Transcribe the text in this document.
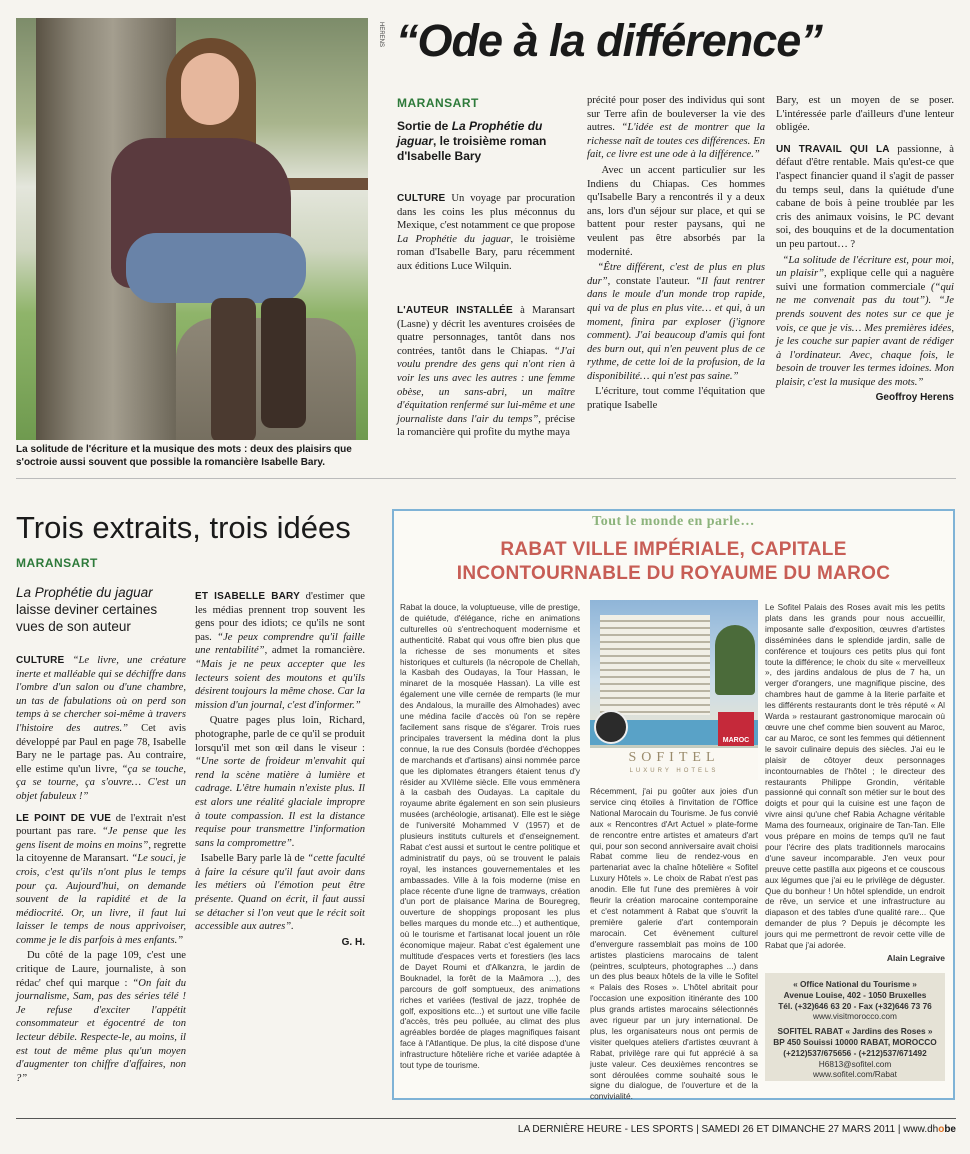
HERENS
La solitude de l'écriture et la musique des mots : deux des plaisirs que s'octroie aussi souvent que possible la romancière Isabelle Bary.
“Ode à la différence”
MARANSART
Sortie de La Prophétie du jaguar, le troisième roman d'Isabelle Bary

CULTURE Un voyage par procuration dans les coins les plus méconnus du Mexique, c'est notamment ce que propose La Prophétie du jaguar, le troisième roman d'Isabelle Bary, paru récemment aux éditions Luce Wilquin.

L'AUTEUR INSTALLÉE à Maransart (Lasne) y décrit les aventures croisées de quatre personnages, tantôt dans nos contrées, tantôt dans le Chiapas. “J'ai voulu prendre des gens qui n'ont rien à voir les uns avec les autres : une femme obèse, un sans-abri, un maître d'équitation renfermé sur lui-même et une journaliste dans l'air du temps”, précise la romancière qui profite du mythe maya

précité pour poser des individus qui sont sur Terre afin de bouleverser la vie des autres. “L'idée est de montrer que la richesse naît de toutes ces différences. En fait, ce livre est une ode à la différence.”

Avec un accent particulier sur les Indiens du Chiapas. Ces hommes qu'Isabelle Bary a rencontrés il y a deux ans, lors d'un séjour sur place, et qui se battent pour rester paysans, qui ne veulent pas être absorbés par la modernité.

“Être différent, c'est de plus en plus dur”, constate l'auteur. “Il faut rentrer dans le moule d'un monde trop rapide, qui va de plus en plus vite… et qui, à un moment, finira par exploser (j'ignore comment). J'ai beaucoup d'amis qui font des burn out, qui n'en peuvent plus de ce rythme, de cette loi de la profusion, de la disponibilité… qui n'est pas saine.”

L'écriture, tout comme l'équitation que pratique Isabelle

Bary, est un moyen de se poser. L'intéressée parle d'ailleurs d'une lenteur obligée.

UN TRAVAIL QUI LA passionne, à défaut d'être rentable. Mais qu'est-ce que l'aspect financier quand il s'agit de passer du temps seul, dans la quiétude d'une cabane de bois à peine troublée par les cris des animaux voisins, le PC devant soi, des bouquins et de la documentation un peu partout… ?

“La solitude de l'écriture est, pour moi, un plaisir”, explique celle qui a naguère suivi une formation commerciale (“qui ne me convenait pas du tout”). “Je prends souvent des notes sur ce que je vois, ce que je vis… Mes premières idées, je les couche sur papier avant de rédiger à l'ordinateur. Avec, chaque fois, le besoin de trouver les termes idoines. Mon plaisir, c'est la musique des mots.”

Geoffroy Herens

Trois extraits, trois idées
MARANSART
La Prophétie du jaguar laisse deviner certaines vues de son auteur

CULTURE “Le livre, une créature inerte et malléable qui se déchiffre dans l'ombre d'un salon ou d'une chambre, un tas de fabulations où on perd son temps à se chercher soi-même à travers l'histoire des autres.” Cet avis développé par Paul en page 78, Isabelle Bary ne le partage pas. Au contraire, elle estime qu'un livre, “ça se touche, ça se tourne, ça s'ouvre… C'est un objet fabuleux !”

LE POINT DE VUE de l'extrait n'est pourtant pas rare. “Je pense que les gens lisent de moins en moins”, regrette la citoyenne de Maransart. “Le souci, je crois, c'est qu'ils n'ont plus le temps pour ça. Aujourd'hui, on demande souvent de la rapidité et de la médiocrité. Or, un livre, il faut lui laisser le temps de nous apprivoiser, comme je le dis parfois à mes enfants.”

Du côté de la page 109, c'est une critique de Laure, journaliste, à son rédac' chef qui marque : “On fait du journalisme, Sam, pas des séries télé ! Je refuse d'exciter l'appétit consommateur et égocentré de ton lecteur débile. Respecte-le, au moins, il est tout de même plus qu'un moyen d'augmenter ton chiffre d'affaires, non ?”

ET ISABELLE BARY d'estimer que les médias prennent trop souvent les gens pour des idiots; ce qu'ils ne sont pas. “Je peux comprendre qu'il faille une rentabilité”, admet la romancière. “Mais je ne peux accepter que les lecteurs soient des moutons et qu'ils désirent toujours la même chose. Car la mission d'un journal, c'est d'informer.”

Quatre pages plus loin, Richard, photographe, parle de ce qu'il se produit lorsqu'il met son œil dans le viseur : “Une sorte de froideur m'envahit qui rend la scène matière à lumière et cadrage. L'être humain n'existe plus. Il est alors une réalité glaciale impropre à toute compassion. Il est la distance requise pour transmettre l'information sans la compromettre”.

Isabelle Bary parle là de “cette faculté à faire la césure qu'il faut avoir dans les métiers où l'émotion peut être présente. Quand on écrit, il faut aussi se détacher si l'on veut que le récit soit accessible aux autres”.

G. H.

Tout le monde en parle…
RABAT VILLE IMPÉRIALE, CAPITALE
INCONTOURNABLE DU ROYAUME DU MAROC
Rabat la douce, la voluptueuse, ville de prestige, de quiétude, d'élégance, riche en animations culturelles où s'entrechoquent modernisme et authenticité. Rabat qui vous offre bien plus que la richesse de ses monuments et sites historiques et culturels (la nécropole de Chellah, la Kasbah des Oudayas, la Tour Hassan, le minaret de la mosquée Hassan). La ville est également une ville cernée de remparts (le mur des Andalous, la muraille des Almohades) avec une médina facile d'accès où l'on se repère facilement sans risque de s'égarer. Trois rues principales traversent la médina dont la plus connue, la rue des Consuls (bordée d'échoppes de marchands et d'artisans) ainsi nommée parce que les diplomates étrangers étaient tenus d'y résider au XVIIème siècle. Elle vous emmènera à la casbah des Oudayas. La capitale du royaume abrite également en son sein plusieurs musées (archéologie, artisanat). Elle est le siège de l'université Mohammed V (1957) et de plusieurs instituts culturels et d'enseignement. Rabat c'est aussi et surtout le centre politique et administratif du pays, où se trouvent le palais royal, les instances gouvernementales et les ambassades. Ville à la fois moderne (mise en place récente d'une ligne de tramways, création d'un port de plaisance Marina de Bouregreg, ouverture de shoppings proposant les plus belles marques du monde etc...) et authentique, où le tourisme et l'artisanat local jouent un rôle économique majeur. Rabat c'est également une multitude d'espaces verts et forestiers (les lacs de Dayet Roumi et d'Alkanzra, le jardin de Bouknadel, la forêt de la Maâmora ...), des parcours de golf somptueux, des animations riches et variées (festival de jazz, trophée de golf, expositions etc...) et surtout une ville facile d'accès, très peu polluée, au climat des plus agréables bordée de plages magnifiques faisant face à l'Atlantique. De plus, la cité dispose d'une infrastructure hôtelière riche et variée adaptée à tout type de tourisme.
MAROC
SOFITEL
LUXURY HOTELS
Récemment, j'ai pu goûter aux joies d'un service cinq étoiles à l'invitation de l'Office National Marocain du Tourisme. Je fus convié aux « Rencontres d'Art Actuel » plate-forme de rencontre entre artistes et amateurs d'art qui, pour son second anniversaire avait choisi Rabat comme lieu de rendez-vous en partenariat avec la chaîne hôtelière « Sofitel Luxury Hôtels ». Le choix de Rabat n'est pas anodin. Elle fut l'une des premières à voir fleurir la création marocaine contemporaine et c'est notamment à Rabat que s'ouvrit la première galerie d'art contemporain marocain. Cet évènement culturel d'envergure rassemblait pas moins de 100 artistes plasticiens marocains de talent (peintres, sculpteurs, photographes ...) dans un des plus beaux hôtels de la ville le Sofitel « Palais des Roses ». L'hôtel abritait pour l'occasion une exposition itinérante des 100 plus grands artistes marocains sélectionnés avec rigueur par un jury international. De plus, les organisateurs nous ont permis de visiter quelques ateliers d'artistes œuvrant à Rabat, privilège rare qui fut apprécié à sa juste valeur. Ces deuxièmes rencontres se sont déroulées comme souhaité sous le signe du dialogue, de l'ouverture et de la convivialité.
Le Sofitel Palais des Roses avait mis les petits plats dans les grands pour nous accueillir, imposante salle d'exposition, œuvres d'artistes disséminées dans le splendide jardin, salle de conférence et toujours ces petits plus qui font toute la différence; le choix du site « merveilleux », des jardins andalous de plus de 7 ha, un verger d'orangers, une magnifique piscine, des chambres haut de gamme à la literie parfaite et les différents restaurants dont le très réputé « Al Warda » restaurant gastronomique marocain où œuvre une chef comme bien souvent au Maroc, car au Maroc, ce sont les femmes qui détiennent le savoir culinaire depuis des siècles. J'ai eu le plaisir de côtoyer deux personnages incontournables de l'hôtel ; le directeur des restaurants Philippe Grondin, véritable passionné qui connaît son métier sur le bout des doigts et pour qui la cuisine est une façon de vivre ainsi qu'une chef Rabia Achagne véritable Mama des fourneaux, originaire de Tan-Tan. Elle vous prépare en moins de temps qu'il ne faut pour l'écrire des plats traditionnels marocains d'une saveur incomparable. J'en veux pour preuve cette pastilla aux pigeons et ce couscous aux légumes que j'ai eu le privilège de déguster. Que du bonheur ! Un hôtel splendide, un endroit de rêve, un service et une infrastructure au diapason et des tables d'une qualité rare... Que demander de plus ? Depuis je décompte les jours qui me permettront de revoir cette ville de Rabat que j'ai adorée.
Alain Legraive
« Office National du Tourisme »
Avenue Louise, 402 - 1050 Bruxelles
Tél. (+32)646 63 20 - Fax (+32)646 73 76
www.visitmorocco.com
SOFITEL RABAT « Jardins des Roses »
BP 450 Souissi 10000 RABAT, MOROCCO
(+212)537/675656 - (+212)537/671492
H6813@sofitel.com
www.sofitel.com/Rabat
LA DERNIÈRE HEURE - LES SPORTS | SAMEDI 26 ET DIMANCHE 27 MARS 2011 | www.dhobe
